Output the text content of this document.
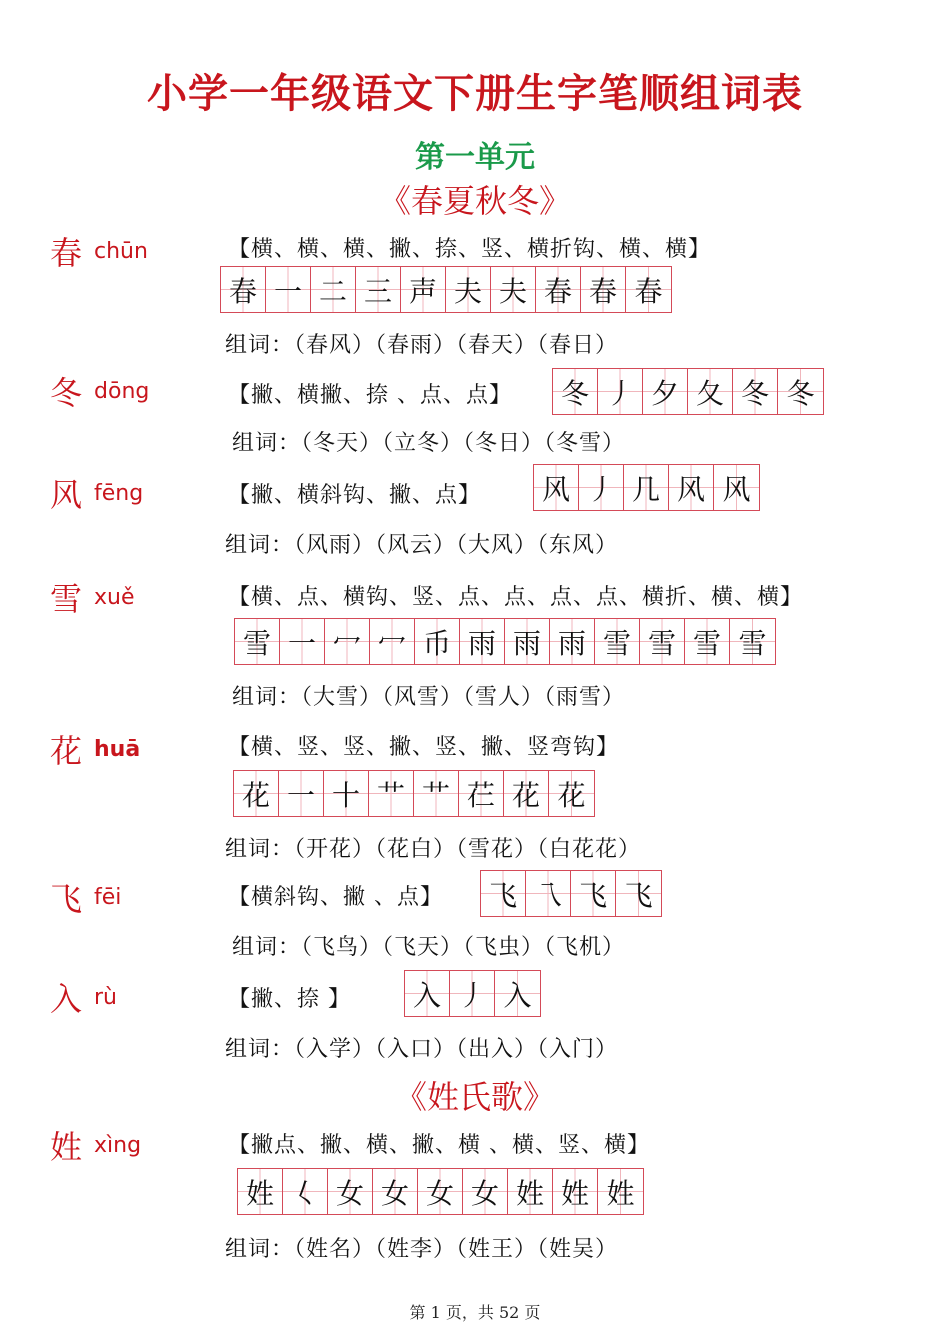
小学一年级语文下册生字笔顺组词表
第一单元
《春夏秋冬》
春 chūn	【横、横、横、撇、捺、竖、横折钩、横、横】
春 一 二 三 声 夫 夫 春 春 春
组词：（春风）（春雨）（春天）（春日）
冬 dōng	【撇、横撇、捺 、点、点】 冬 丿 夕 夂 冬 冬
组词：（冬天）（立冬）（冬日）（冬雪）
风 fēng	【撇、横斜钩、撇、点】 风 丿 几 风 风
组词：（风雨）（风云）（大风）（东风）
雪 xuě	【横、点、横钩、竖、点、点、点、点、横折、横、横】
雪 一 冖 冖 币 雨 雨 雨 雪 雪 雪 雪
组词：（大雪）（风雪）（雪人）（雨雪）
花 huā	【横、竖、竖、撇、竖、撇、竖弯钩】
花 一 十 艹 艹 芢 花 花
组词：（开花）（花白）（雪花）（白花花）
飞 fēi	【横斜钩、撇 、点】 飞 乁 飞 飞
组词：（飞鸟）（飞天）（飞虫）（飞机）
入 rù	【撇、捺 】 入 丿 入
组词：（入学）（入口）（出入）（入门）
《姓氏歌》
姓 xìng	【撇点、撇、横、撇、横 、横、竖、横】
姓 𡿨 女 女 女 女 姓 姓 姓
组词：（姓名）（姓李）（姓王）（姓吴）
第 1 页，共 52 页
